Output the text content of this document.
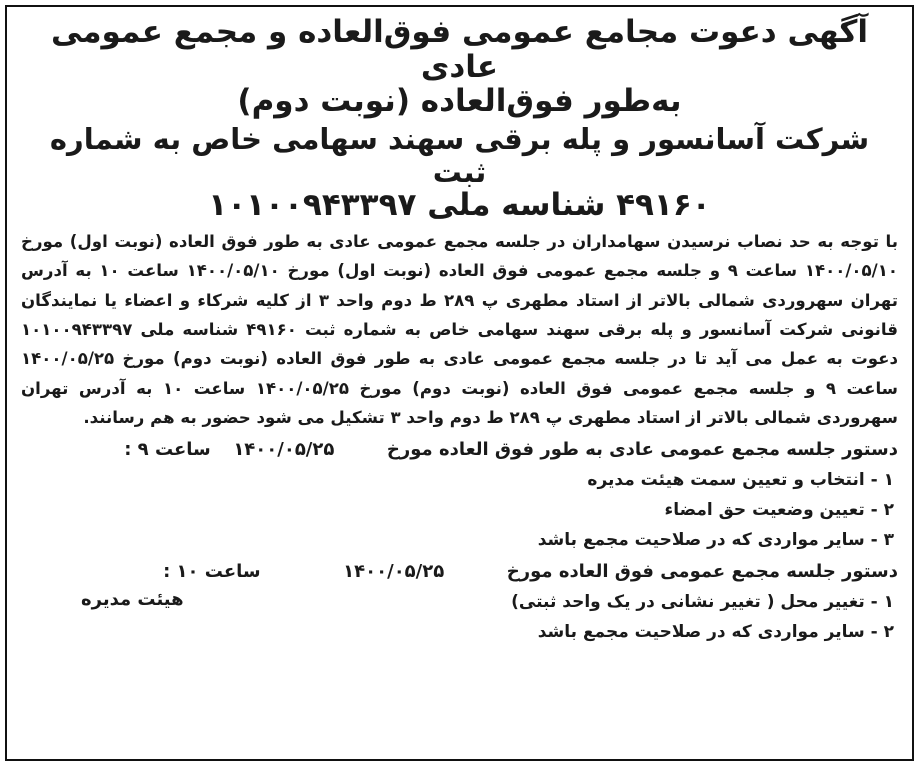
آگهی دعوت مجامع عمومی فوق‌العاده و مجمع عمومی عادی
به‌طور فوق‌العاده (نوبت دوم)
شرکت آسانسور و پله برقی سهند سهامی خاص به شماره ثبت
۴۹۱۶۰ شناسه ملی ۱۰۱۰۰۹۴۳۳۹۷
با توجه به حد نصاب نرسیدن سهامداران در جلسه مجمع عمومی عادی به طور فوق العاده (نوبت اول) مورخ ۱۴۰۰/۰۵/۱۰ ساعت ۹ و جلسه مجمع عمومی فوق العاده (نوبت اول) مورخ ۱۴۰۰/۰۵/۱۰ ساعت ۱۰ به آدرس تهران سهروردی شمالی بالاتر از استاد مطهری پ ۲۸۹ ط دوم واحد ۳ از کلیه شرکاء و اعضاء یا نمایندگان قانونی شرکت آسانسور و پله برقی سهند سهامی خاص به شماره ثبت ۴۹۱۶۰ شناسه ملی ۱۰۱۰۰۹۴۳۳۹۷ دعوت به عمل می آید تا در جلسه مجمع عمومی عادی به طور فوق العاده (نوبت دوم) مورخ ۱۴۰۰/۰۵/۲۵ ساعت ۹ و جلسه مجمع عمومی فوق العاده (نوبت دوم) مورخ ۱۴۰۰/۰۵/۲۵ ساعت ۱۰ به آدرس تهران سهروردی شمالی بالاتر از استاد مطهری پ ۲۸۹ ط دوم واحد ۳ تشکیل می شود حضور به هم رسانند.
دستور جلسه مجمع عمومی عادی به طور فوق العاده مورخ  ۱۴۰۰/۰۵/۲۵  ساعت ۹ :
۱ - انتخاب و تعیین سمت هیئت مدیره
۲ - تعیین وضعیت حق امضاء
۳ - سایر مواردی که در صلاحیت مجمع باشد
دستور جلسه مجمع عمومی فوق العاده مورخ  ۱۴۰۰/۰۵/۲۵  ساعت ۱۰ :
۱ - تغییر محل ( تغییر نشانی در یک واحد ثبتی)
۲ - سایر مواردی که در صلاحیت مجمع باشد
هیئت مدیره
